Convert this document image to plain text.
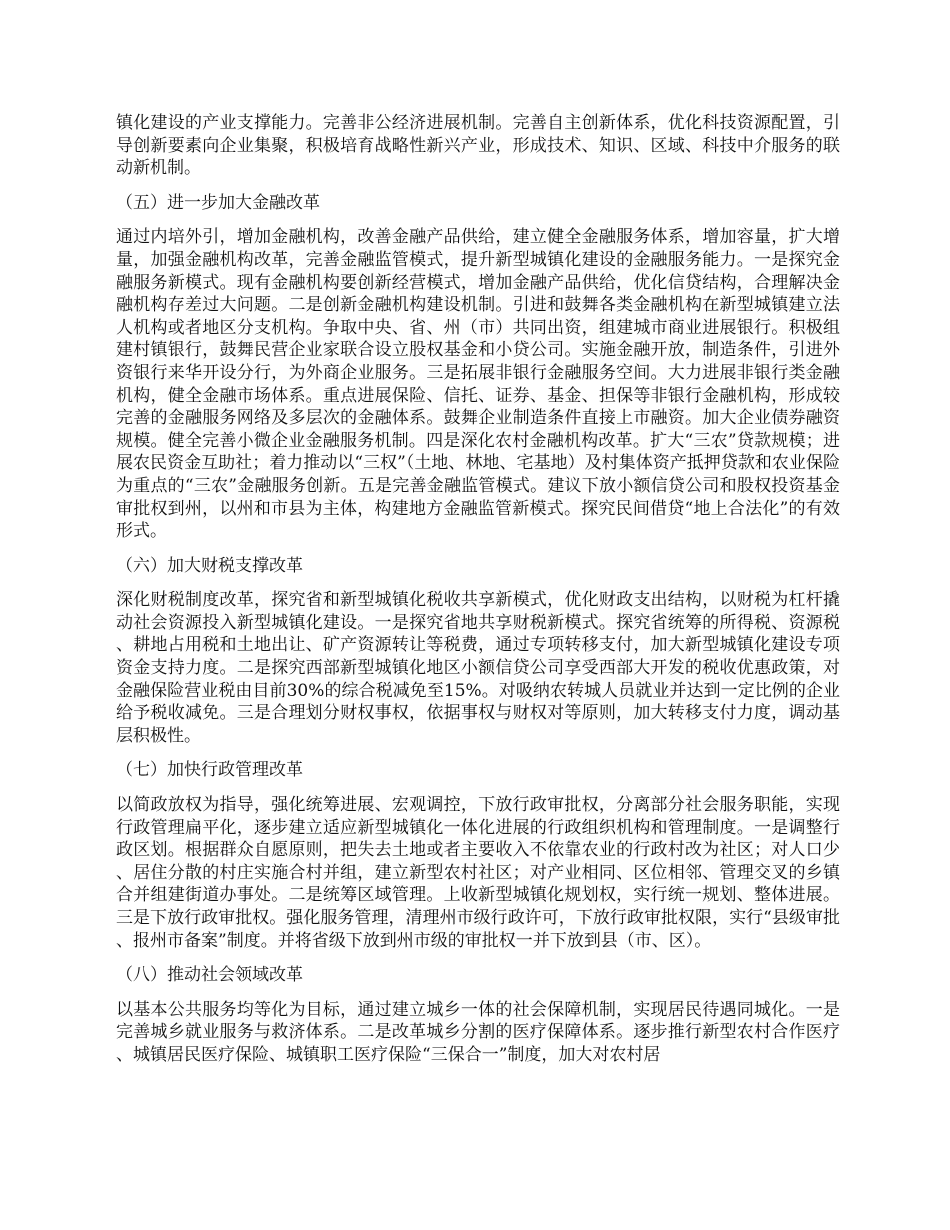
镇化建设的产业支撑能力。完善非公经济进展机制。完善自主创新体系，优化科技资源配置，引导创新要素向企业集聚，积极培育战略性新兴产业，形成技术、知识、区域、科技中介服务的联动新机制。

（五）进一步加大金融改革

通过内培外引，增加金融机构，改善金融产品供给，建立健全金融服务体系，增加容量，扩大增量，加强金融机构改革，完善金融监管模式，提升新型城镇化建设的金融服务能力。一是探究金融服务新模式。现有金融机构要创新经营模式，增加金融产品供给，优化信贷结构，合理解决金融机构存差过大问题。二是创新金融机构建设机制。引进和鼓舞各类金融机构在新型城镇建立法人机构或者地区分支机构。争取中央、省、州（市）共同出资，组建城市商业进展银行。积极组建村镇银行，鼓舞民营企业家联合设立股权基金和小贷公司。实施金融开放，制造条件，引进外资银行来华开设分行，为外商企业服务。三是拓展非银行金融服务空间。大力进展非银行类金融机构，健全金融市场体系。重点进展保险、信托、证券、基金、担保等非银行金融机构，形成较完善的金融服务网络及多层次的金融体系。鼓舞企业制造条件直接上市融资。加大企业债券融资规模。健全完善小微企业金融服务机制。四是深化农村金融机构改革。扩大“三农”贷款规模；进展农民资金互助社；着力推动以“三权”（土地、林地、宅基地）及村集体资产抵押贷款和农业保险为重点的“三农”金融服务创新。五是完善金融监管模式。建议下放小额信贷公司和股权投资基金审批权到州，以州和市县为主体，构建地方金融监管新模式。探究民间借贷“地上合法化”的有效形式。

（六）加大财税支撑改革

深化财税制度改革，探究省和新型城镇化税收共享新模式，优化财政支出结构，以财税为杠杆撬动社会资源投入新型城镇化建设。一是探究省地共享财税新模式。探究省统筹的所得税、资源税、耕地占用税和土地出让、矿产资源转让等税费，通过专项转移支付，加大新型城镇化建设专项资金支持力度。二是探究西部新型城镇化地区小额信贷公司享受西部大开发的税收优惠政策，对金融保险营业税由目前30%的综合税减免至15%。对吸纳农转城人员就业并达到一定比例的企业给予税收减免。三是合理划分财权事权，依据事权与财权对等原则，加大转移支付力度，调动基层积极性。

（七）加快行政管理改革

以简政放权为指导，强化统筹进展、宏观调控，下放行政审批权，分离部分社会服务职能，实现行政管理扁平化，逐步建立适应新型城镇化一体化进展的行政组织机构和管理制度。一是调整行政区划。根据群众自愿原则，把失去土地或者主要收入不依靠农业的行政村改为社区；对人口少、居住分散的村庄实施合村并组，建立新型农村社区；对产业相同、区位相邻、管理交叉的乡镇合并组建街道办事处。二是统筹区域管理。上收新型城镇化规划权，实行统一规划、整体进展。三是下放行政审批权。强化服务管理，清理州市级行政许可，下放行政审批权限，实行“县级审批、报州市备案”制度。并将省级下放到州市级的审批权一并下放到县（市、区）。

（八）推动社会领域改革

以基本公共服务均等化为目标，通过建立城乡一体的社会保障机制，实现居民待遇同城化。一是完善城乡就业服务与救济体系。二是改革城乡分割的医疗保障体系。逐步推行新型农村合作医疗、城镇居民医疗保险、城镇职工医疗保险“三保合一”制度，加大对农村居
